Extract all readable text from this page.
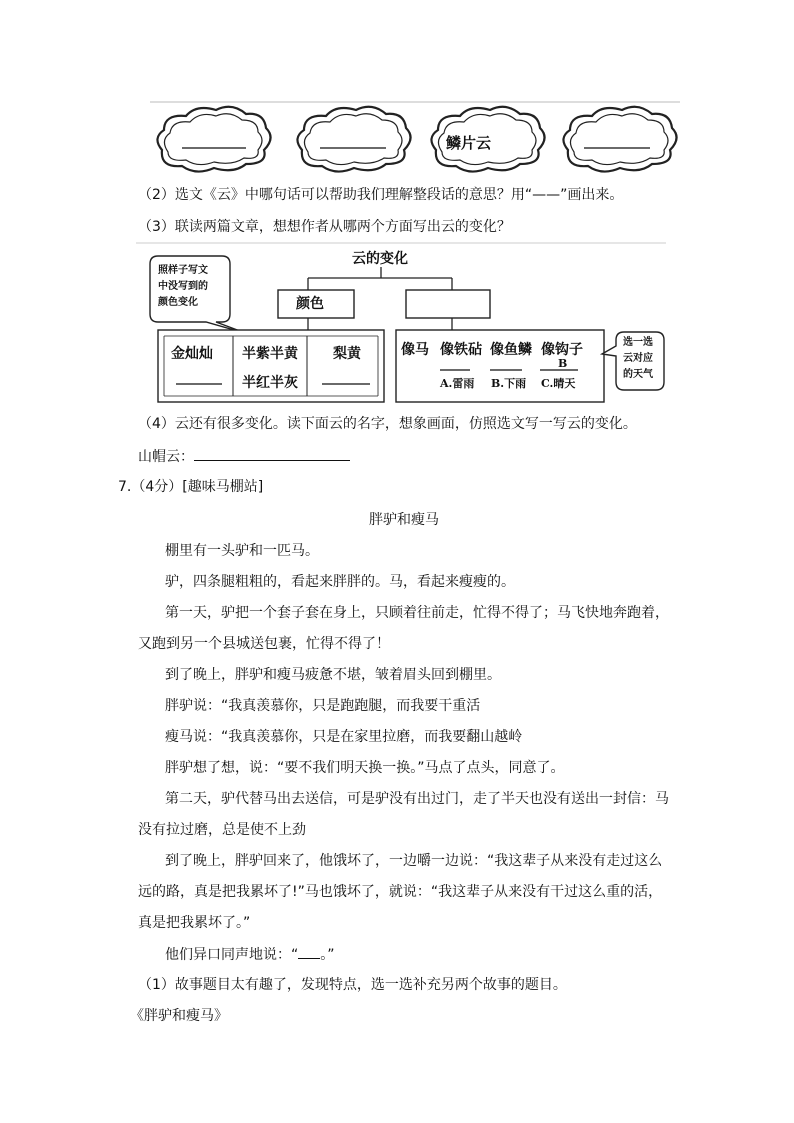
鳞片云
（2）选文《云》中哪句话可以帮助我们理解整段话的意思？用“——”画出来。
（3）联读两篇文章，想想作者从哪两个方面写出云的变化？
云的变化
颜色
照样子写文
中没写到的
颜色变化
金灿灿 半紫半黄
半红半灰
梨黄	像马 像铁砧 像鱼鳞 像钩子
B
A.雷雨 B.下雨 C.晴天
选一选
云对应
的天气
（4）云还有很多变化。读下面云的名字，想象画面，仿照选文写一写云的变化。
山帽云：
7.（4分）[趣味马棚站]
胖驴和瘦马
棚里有一头驴和一匹马。
驴，四条腿粗粗的，看起来胖胖的。马，看起来瘦瘦的。
第一天，驴把一个套子套在身上，只顾着往前走，忙得不得了；马飞快地奔跑着，
又跑到另一个县城送包裹，忙得不得了！
到了晚上，胖驴和瘦马疲惫不堪，皱着眉头回到棚里。
胖驴说：“我真羡慕你，只是跑跑腿，而我要干重活
瘦马说：“我真羡慕你，只是在家里拉磨，而我要翻山越岭
胖驴想了想，说：“要不我们明天换一换。”马点了点头，同意了。
第二天，驴代替马出去送信，可是驴没有出过门，走了半天也没有送出一封信：马
没有拉过磨，总是使不上劲
到了晚上，胖驴回来了，他饿坏了，一边嚼一边说：“我这辈子从来没有走过这么
远的路，真是把我累坏了!”马也饿坏了，就说：“我这辈子从来没有干过这么重的活，
真是把我累坏了。”
他们异口同声地说：“ 。”
（1）故事题目太有趣了，发现特点，选一选补充另两个故事的题目。
《胖驴和瘦马》
